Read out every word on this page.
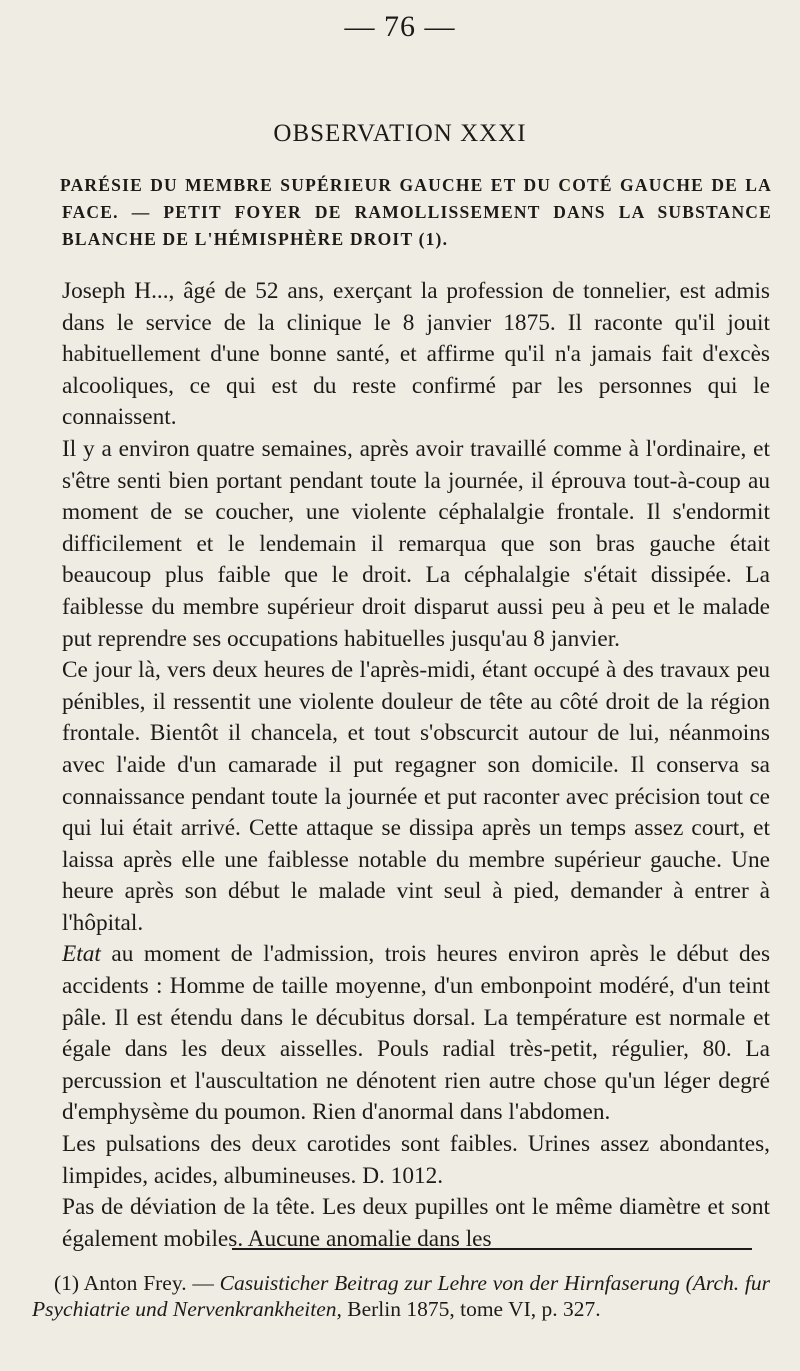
— 76 —
OBSERVATION XXXI
PARÉSIE DU MEMBRE SUPÉRIEUR GAUCHE ET DU COTÉ GAUCHE DE LA FACE. — PETIT FOYER DE RAMOLLISSEMENT DANS LA SUBSTANCE BLANCHE DE L'HÉMISPHÈRE DROIT (1).

Joseph H..., âgé de 52 ans, exerçant la profession de tonnelier, est admis dans le service de la clinique le 8 janvier 1875. Il raconte qu'il jouit habituellement d'une bonne santé, et affirme qu'il n'a jamais fait d'excès alcooliques, ce qui est du reste confirmé par les personnes qui le connaissent.

Il y a environ quatre semaines, après avoir travaillé comme à l'ordinaire, et s'être senti bien portant pendant toute la journée, il éprouva tout-à-coup au moment de se coucher, une violente céphalalgie frontale. Il s'endormit difficilement et le lendemain il remarqua que son bras gauche était beaucoup plus faible que le droit. La céphalalgie s'était dissipée. La faiblesse du membre supérieur droit disparut aussi peu à peu et le malade put reprendre ses occupations habituelles jusqu'au 8 janvier.

Ce jour là, vers deux heures de l'après-midi, étant occupé à des travaux peu pénibles, il ressentit une violente douleur de tête au côté droit de la région frontale. Bientôt il chancela, et tout s'obscurcit autour de lui, néanmoins avec l'aide d'un camarade il put regagner son domicile. Il conserva sa connaissance pendant toute la journée et put raconter avec précision tout ce qui lui était arrivé. Cette attaque se dissipa après un temps assez court, et laissa après elle une faiblesse notable du membre supérieur gauche. Une heure après son début le malade vint seul à pied, demander à entrer à l'hôpital.

Etat au moment de l'admission, trois heures environ après le début des accidents : Homme de taille moyenne, d'un embonpoint modéré, d'un teint pâle. Il est étendu dans le décubitus dorsal. La température est normale et égale dans les deux aisselles. Pouls radial très-petit, régulier, 80. La percussion et l'auscultation ne dénotent rien autre chose qu'un léger degré d'emphysème du poumon. Rien d'anormal dans l'abdomen.

Les pulsations des deux carotides sont faibles. Urines assez abondantes, limpides, acides, albumineuses. D. 1012.

Pas de déviation de la tête. Les deux pupilles ont le même diamètre et sont également mobiles. Aucune anomalie dans les

(1) Anton Frey. — Casuisticher Beitrag zur Lehre von der Hirnfaserung (Arch. fur Psychiatrie und Nervenkrankheiten, Berlin 1875, tome VI, p. 327.
